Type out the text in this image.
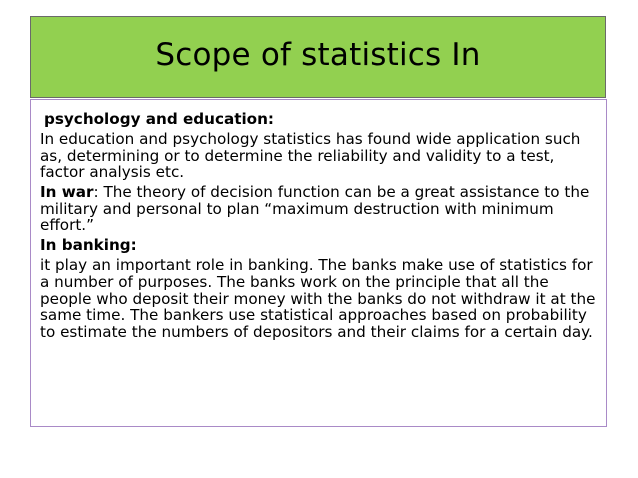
Scope of statistics In

psychology and education:

In education and psychology statistics has found wide application such as, determining or to determine the reliability and validity to a test, factor analysis etc.

In war: The theory of decision function can be a great assistance to the military and personal to plan “maximum destruction with minimum effort.”

In banking:

it play an important role in banking. The banks make use of statistics for a number of purposes. The banks work on the principle that all the people who deposit their money with the banks do not withdraw it at the same time. The bankers use statistical approaches based on probability to estimate the numbers of depositors and their claims for a certain day.
